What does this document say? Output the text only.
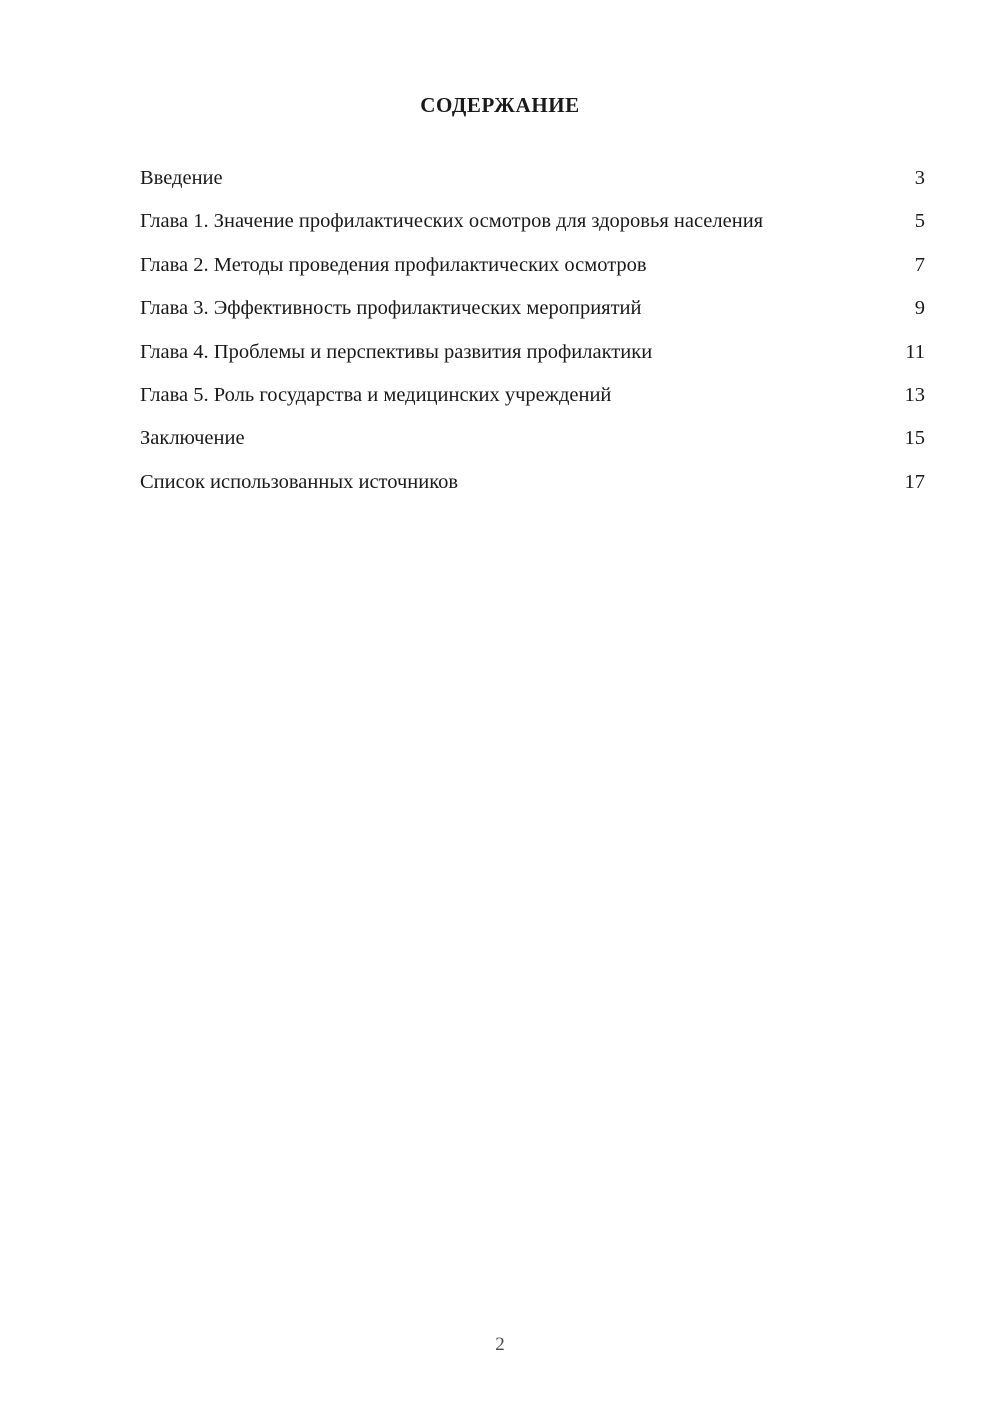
СОДЕРЖАНИЕ
Введение	3
Глава 1. Значение профилактических осмотров для здоровья населения	5
Глава 2. Методы проведения профилактических осмотров	7
Глава 3. Эффективность профилактических мероприятий	9
Глава 4. Проблемы и перспективы развития профилактики	11
Глава 5. Роль государства и медицинских учреждений	13
Заключение	15
Список использованных источников	17
2
